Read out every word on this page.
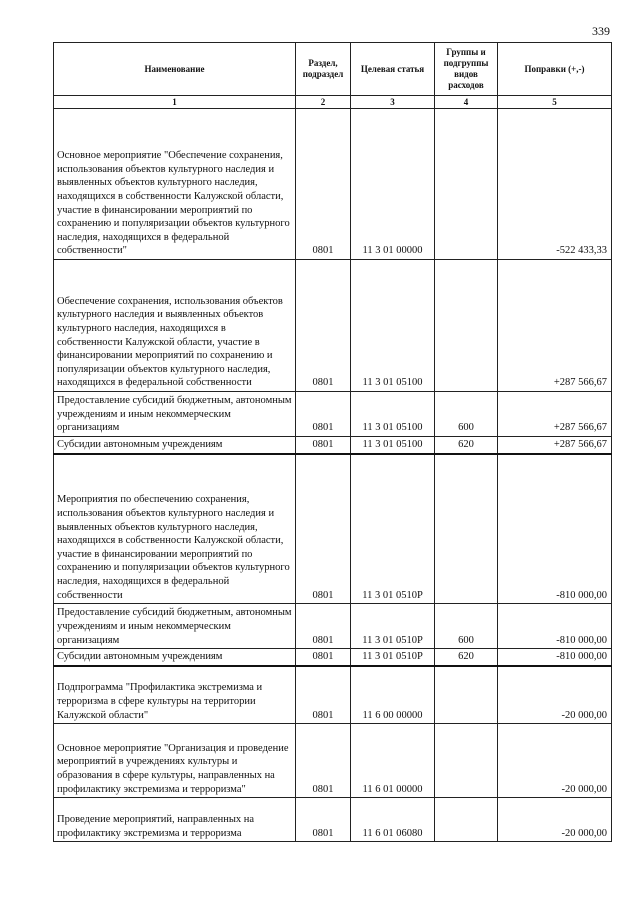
339
Наименование	Раздел, подраздел	Целевая статья	Группы и подгруппы видов расходов	Поправки (+,-)
1	2	3	4	5
Основное мероприятие "Обеспечение сохранения, использования объектов культурного наследия и выявленных объектов культурного наследия, находящихся в собственности Калужской области, участие в финансировании мероприятий по сохранению и популяризации объектов культурного наследия, находящихся в федеральной собственности"	0801	11 3 01 00000		-522 433,33
Обеспечение сохранения, использования объектов культурного наследия и выявленных объектов культурного наследия, находящихся в собственности Калужской области, участие в финансировании мероприятий по сохранению и популяризации объектов культурного наследия, находящихся в федеральной собственности	0801	11 3 01 05100		+287 566,67
Предоставление субсидий бюджетным, автономным учреждениям и иным некоммерческим организациям	0801	11 3 01 05100	600	+287 566,67
Субсидии автономным учреждениям	0801	11 3 01 05100	620	+287 566,67
Мероприятия по обеспечению сохранения, использования объектов культурного наследия и выявленных объектов культурного наследия, находящихся в собственности Калужской области, участие в финансировании мероприятий по сохранению и популяризации объектов культурного наследия, находящихся в федеральной собственности	0801	11 3 01 0510Р		-810 000,00
Предоставление субсидий бюджетным, автономным учреждениям и иным некоммерческим организациям	0801	11 3 01 0510Р	600	-810 000,00
Субсидии автономным учреждениям	0801	11 3 01 0510Р	620	-810 000,00
Подпрограмма "Профилактика экстремизма и терроризма в сфере культуры на территории Калужской области"	0801	11 6 00 00000		-20 000,00
Основное мероприятие "Организация и проведение мероприятий в учреждениях культуры и образования в сфере культуры, направленных на профилактику экстремизма и терроризма"	0801	11 6 01 00000		-20 000,00
Проведение мероприятий, направленных на профилактику экстремизма и терроризма	0801	11 6 01 06080		-20 000,00
